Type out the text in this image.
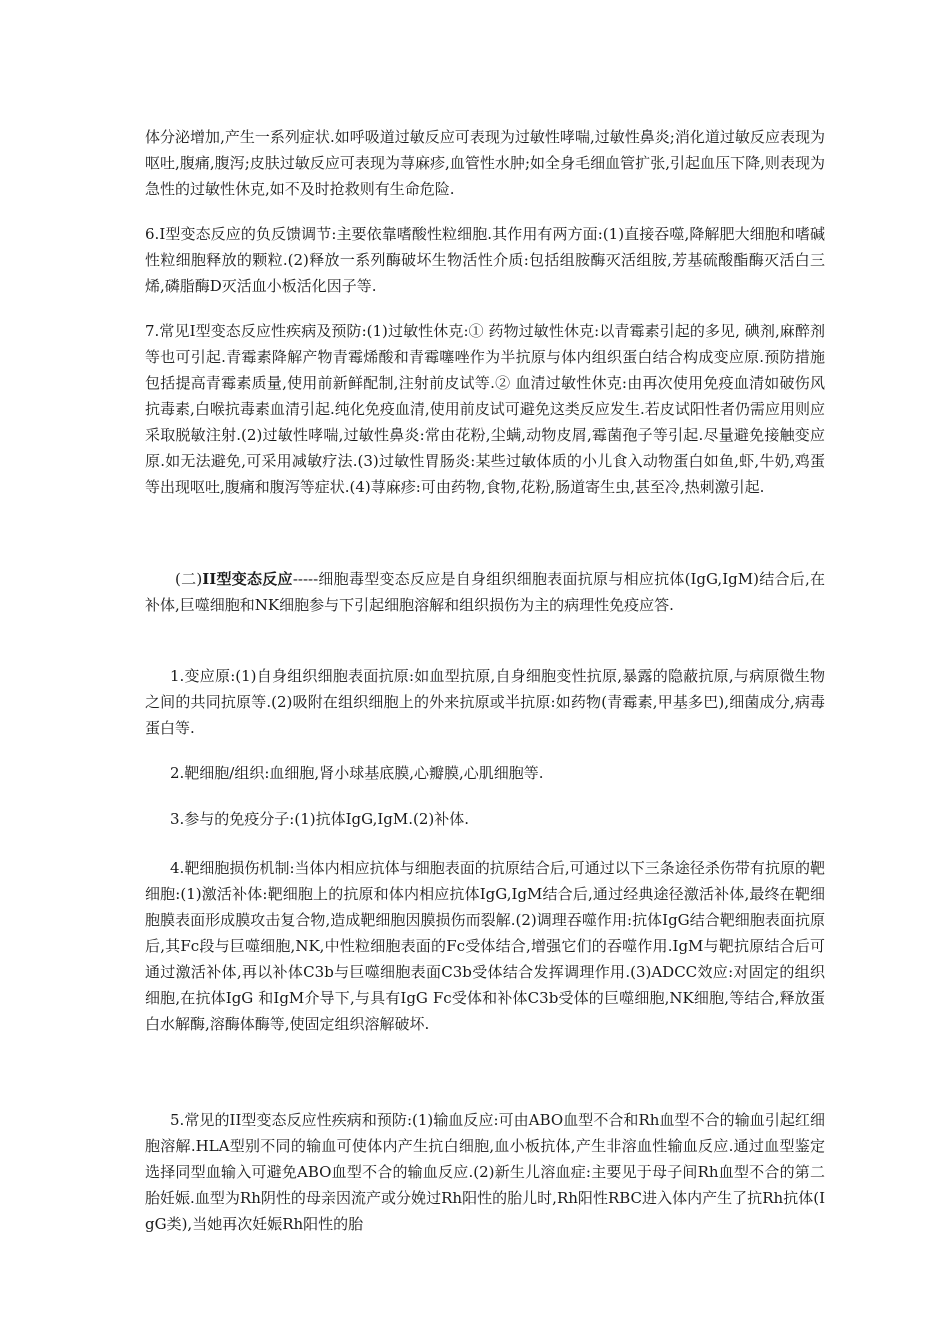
体分泌增加,产生一系列症状.如呼吸道过敏反应可表现为过敏性哮喘,过敏性鼻炎;消化道过敏反应表现为呕吐,腹痛,腹泻;皮肤过敏反应可表现为荨麻疹,血管性水肿;如全身毛细血管扩张,引起血压下降,则表现为急性的过敏性休克,如不及时抢救则有生命危险.

6.Ⅰ型变态反应的负反馈调节:主要依靠嗜酸性粒细胞.其作用有两方面:(1)直接吞噬,降解肥大细胞和嗜碱性粒细胞释放的颗粒.(2)释放一系列酶破坏生物活性介质:包括组胺酶灭活组胺,芳基硫酸酯酶灭活白三烯,磷脂酶D灭活血小板活化因子等.

7.常见Ⅰ型变态反应性疾病及预防:(1)过敏性休克:① 药物过敏性休克:以青霉素引起的多见, 碘剂,麻醉剂等也可引起.青霉素降解产物青霉烯酸和青霉噻唑作为半抗原与体内组织蛋白结合构成变应原.预防措施包括提高青霉素质量,使用前新鲜配制,注射前皮试等.② 血清过敏性休克:由再次使用免疫血清如破伤风抗毒素,白喉抗毒素血清引起.纯化免疫血清,使用前皮试可避免这类反应发生.若皮试阳性者仍需应用则应采取脱敏注射.(2)过敏性哮喘,过敏性鼻炎:常由花粉,尘螨,动物皮屑,霉菌孢子等引起.尽量避免接触变应原.如无法避免,可采用减敏疗法.(3)过敏性胃肠炎:某些过敏体质的小儿食入动物蛋白如鱼,虾,牛奶,鸡蛋等出现呕吐,腹痛和腹泻等症状.(4)荨麻疹:可由药物,食物,花粉,肠道寄生虫,甚至冷,热刺激引起.

(二)II型变态反应-----细胞毒型变态反应是自身组织细胞表面抗原与相应抗体(IgG,IgM)结合后,在补体,巨噬细胞和NK细胞参与下引起细胞溶解和组织损伤为主的病理性免疫应答.

1.变应原:(1)自身组织细胞表面抗原:如血型抗原,自身细胞变性抗原,暴露的隐蔽抗原,与病原微生物之间的共同抗原等.(2)吸附在组织细胞上的外来抗原或半抗原:如药物(青霉素,甲基多巴),细菌成分,病毒蛋白等.

2.靶细胞/组织:血细胞,肾小球基底膜,心瓣膜,心肌细胞等.

3.参与的免疫分子:(1)抗体IgG,IgM.(2)补体.

4.靶细胞损伤机制:当体内相应抗体与细胞表面的抗原结合后,可通过以下三条途径杀伤带有抗原的靶细胞:(1)激活补体:靶细胞上的抗原和体内相应抗体IgG,IgM结合后,通过经典途径激活补体,最终在靶细胞膜表面形成膜攻击复合物,造成靶细胞因膜损伤而裂解.(2)调理吞噬作用:抗体IgG结合靶细胞表面抗原后,其Fc段与巨噬细胞,NK,中性粒细胞表面的Fc受体结合,增强它们的吞噬作用.IgM与靶抗原结合后可通过激活补体,再以补体C3b与巨噬细胞表面C3b受体结合发挥调理作用.(3)ADCC效应:对固定的组织细胞,在抗体IgG 和IgM介导下,与具有IgG Fc受体和补体C3b受体的巨噬细胞,NK细胞,等结合,释放蛋白水解酶,溶酶体酶等,使固定组织溶解破坏.

5.常见的II型变态反应性疾病和预防:(1)输血反应:可由ABO血型不合和Rh血型不合的输血引起红细胞溶解.HLA型别不同的输血可使体内产生抗白细胞,血小板抗体,产生非溶血性输血反应.通过血型鉴定选择同型血输入可避免ABO血型不合的输血反应.(2)新生儿溶血症:主要见于母子间Rh血型不合的第二胎妊娠.血型为Rh阴性的母亲因流产或分娩过Rh阳性的胎儿时,Rh阳性RBC进入体内产生了抗Rh抗体(IgG类),当她再次妊娠Rh阳性的胎
